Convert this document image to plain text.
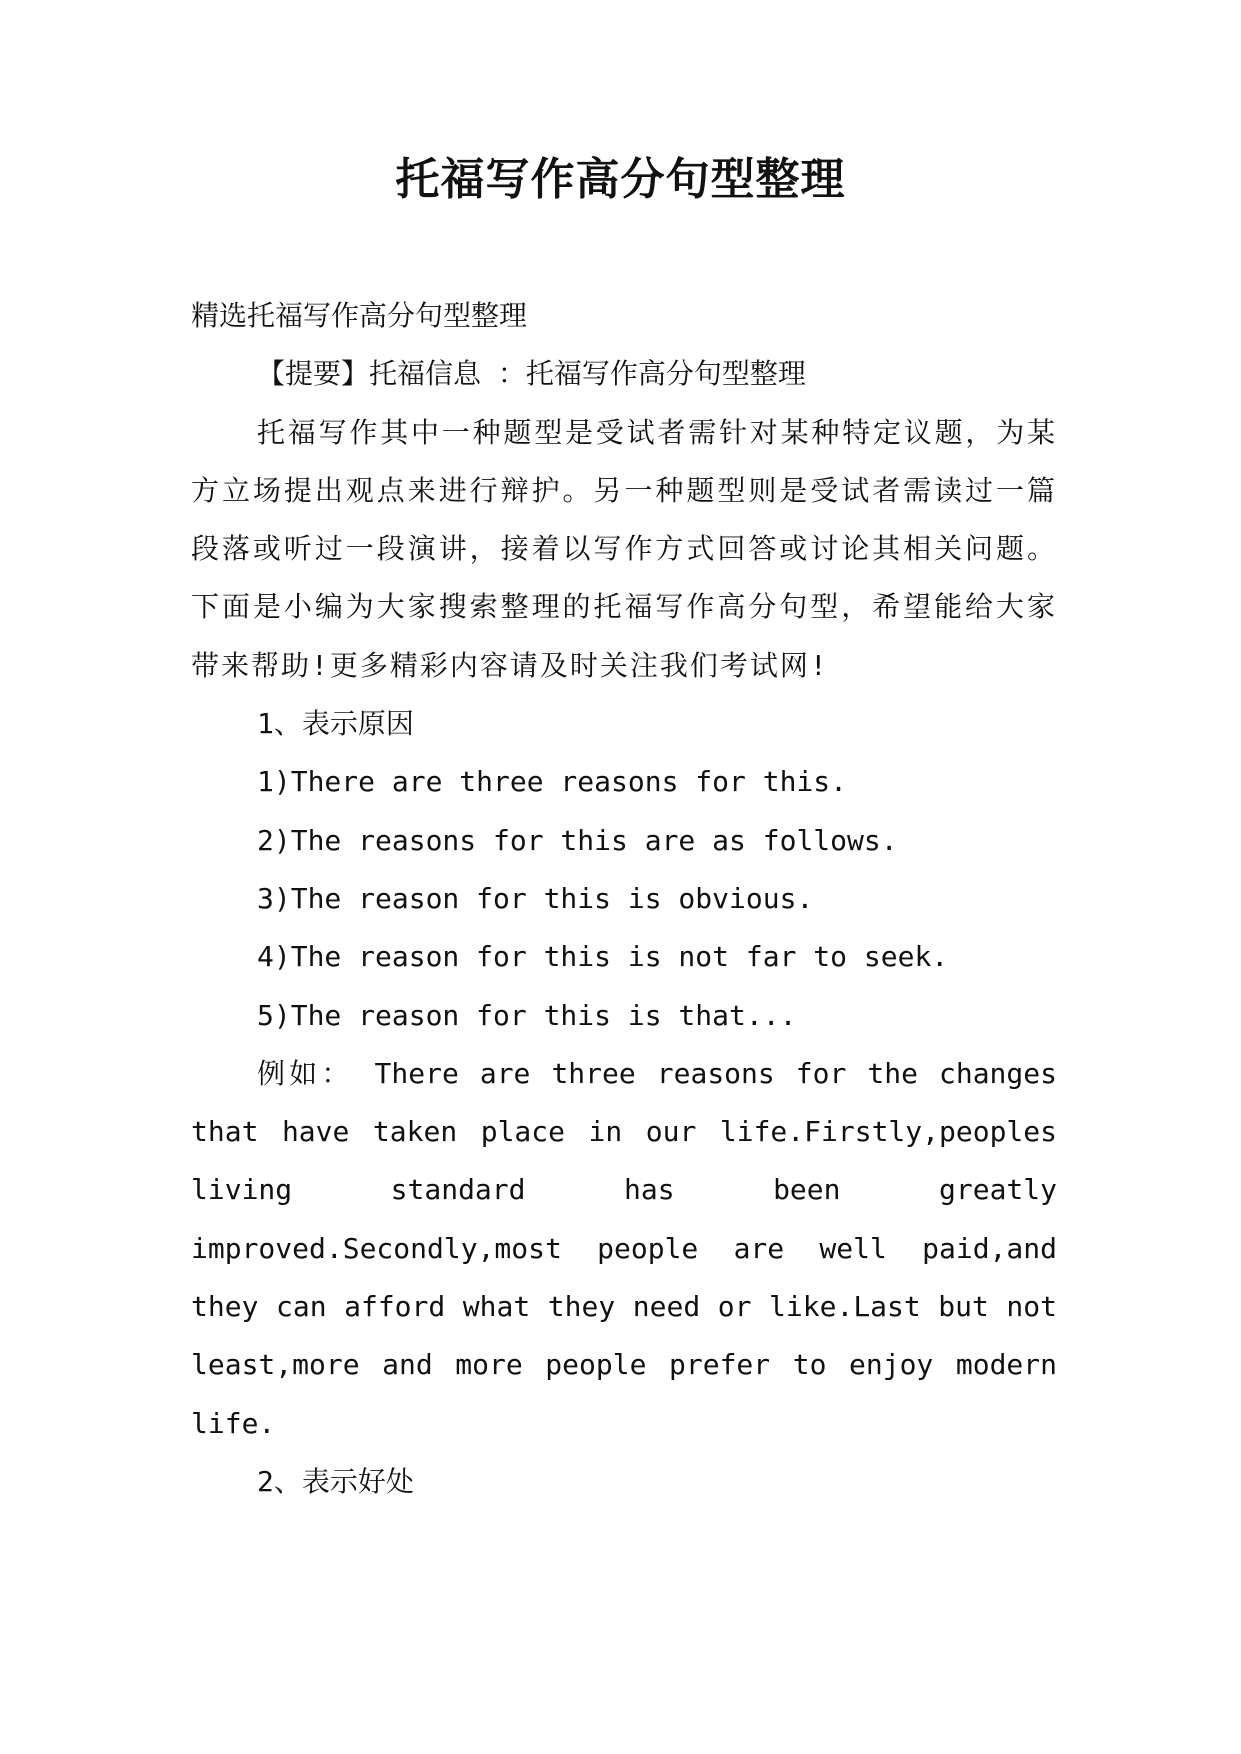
托福写作高分句型整理

精选托福写作高分句型整理

【提要】托福信息 ：托福写作高分句型整理

托福写作其中一种题型是受试者需针对某种特定议题，为某方立场提出观点来进行辩护。另一种题型则是受试者需读过一篇段落或听过一段演讲，接着以写作方式回答或讨论其相关问题。下面是小编为大家搜索整理的托福写作高分句型，希望能给大家带来帮助!更多精彩内容请及时关注我们考试网!

1、表示原因

1)There are three reasons for this.

2)The reasons for this are as follows.

3)The reason for this is obvious.

4)The reason for this is not far to seek.

5)The reason for this is that...

例如： There are three reasons for the changes that have taken place in our life.Firstly,peoples living standard has been greatly improved.Secondly,most people are well paid,and they can afford what they need or like.Last but not least,more and more people prefer to enjoy modern life.

2、表示好处
